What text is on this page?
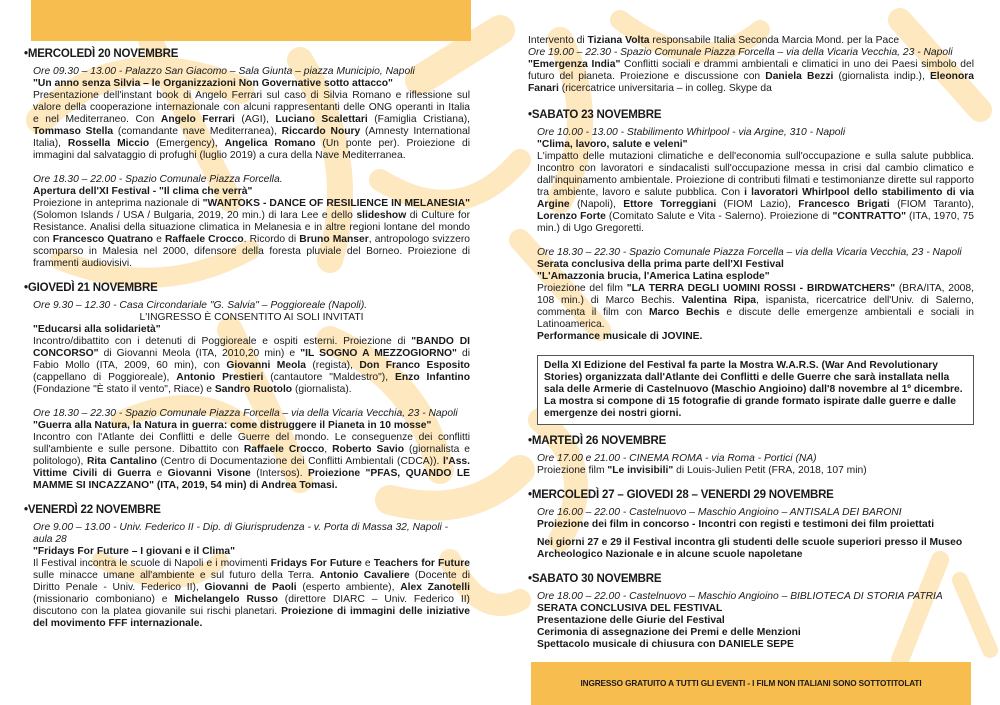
• MERCOLEDÌ 20 NOVEMBRE
Ore 09.30 – 13.00 - Palazzo San Giacomo – Sala Giunta – piazza Municipio, Napoli
"Un anno senza Silvia – le Organizzazioni Non Governative sotto attacco"
Presentazione dell'instant book di Angelo Ferrari sul caso di Silvia Romano e riflessione sul valore della cooperazione internazionale con alcuni rappresentanti delle ONG operanti in Italia e nel Mediterraneo. Con Angelo Ferrari (AGI), Luciano Scalettari (Famiglia Cristiana), Tommaso Stella (comandante nave Mediterranea), Riccardo Noury (Amnesty International Italia), Rossella Miccio (Emergency), Angelica Romano (Un ponte per). Proiezione di immagini dal salvataggio di profughi (luglio 2019) a cura della Nave Mediterranea.
Ore 18.30 – 22.00 - Spazio Comunale Piazza Forcella.
Apertura dell'XI Festival - "Il clima che verrà"
Proiezione in anteprima nazionale di "WANTOKS - DANCE OF RESILIENCE IN MELANESIA" (Solomon Islands / USA / Bulgaria, 2019, 20 min.) di Iara Lee e dello slideshow di Culture for Resistance. Analisi della situazione climatica in Melanesia e in altre regioni lontane del mondo con Francesco Quatrano e Raffaele Crocco. Ricordo di Bruno Manser, antropologo svizzero scomparso in Malesia nel 2000, difensore della foresta pluviale del Borneo. Proiezione di frammenti audiovisivi.
• GIOVEDÌ 21 NOVEMBRE
Ore 9.30 – 12.30 - Casa Circondariale "G. Salvia" – Poggioreale (Napoli).
L'INGRESSO È CONSENTITO AI SOLI INVITATI
"Educarsi alla solidarietà"
Incontro/dibattito con i detenuti di Poggioreale e ospiti esterni. Proiezione di "BANDO DI CONCORSO" di Giovanni Meola (ITA, 2010,20 min) e "IL SOGNO A MEZZOGIORNO" di Fabio Mollo (ITA, 2009, 60 min), con Giovanni Meola (regista), Don Franco Esposito (cappellano di Poggioreale), Antonio Prestieri (cantautore "Maldestro"), Enzo Infantino (Fondazione "È stato il vento", Riace) e Sandro Ruotolo (giornalista).
Ore 18.30 – 22.30 - Spazio Comunale Piazza Forcella – via della Vicaria Vecchia, 23 - Napoli
"Guerra alla Natura, la Natura in guerra: come distruggere il Pianeta in 10 mosse"
Incontro con l'Atlante dei Conflitti e delle Guerre del mondo. Le conseguenze dei conflitti sull'ambiente e sulle persone. Dibattito con Raffaele Crocco, Roberto Savio (giornalista e politologo), Rita Cantalino (Centro di Documentazione dei Conflitti Ambientali (CDCA)). l'Ass. Vittime Civili di Guerra e Giovanni Visone (Intersos). Proiezione "PFAS, QUANDO LE MAMME SI INCAZZANO" (ITA, 2019, 54 min) di Andrea Tomasi.
• VENERDÌ 22 NOVEMBRE
Ore 9.00 – 13.00 - Univ. Federico II - Dip. di Giurisprudenza - v. Porta di Massa 32, Napoli - aula 28
"Fridays For Future – I giovani e il Clima"
Il Festival incontra le scuole di Napoli e i movimenti Fridays For Future e Teachers for Future sulle minacce umane all'ambiente e sul futuro della Terra. Antonio Cavaliere (Docente di Diritto Penale - Univ. Federico II), Giovanni de Paoli (esperto ambiente), Alex Zanotelli (missionario comboniano) e Michelangelo Russo (direttore DIARC – Univ. Federico II) discutono con la platea giovanile sui rischi planetari. Proiezione di immagini delle iniziative del movimento FFF internazionale.
Intervento di Tiziana Volta responsabile Italia Seconda Marcia Mond. per la Pace
Ore 19.00 – 22.30 - Spazio Comunale Piazza Forcella – via della Vicaria Vecchia, 23 - Napoli
"Emergenza India" Conflitti sociali e drammi ambientali e climatici in uno dei Paesi simbolo del futuro del pianeta. Proiezione e discussione con Daniela Bezzi (giornalista indip.), Eleonora Fanari (ricercatrice universitaria – in colleg. Skype da
• SABATO 23 NOVEMBRE
Ore 10.00 - 13.00 - Stabilimento Whirlpool - via Argine, 310 - Napoli
"Clima, lavoro, salute e veleni"
L'impatto delle mutazioni climatiche e dell'economia sull'occupazione e sulla salute pubblica. Incontro con lavoratori e sindacalisti sull'occupazione messa in crisi dal cambio climatico e dall'inquinamento ambientale. Proiezione di contributi filmati e testimonianze dirette sul rapporto tra ambiente, lavoro e salute pubblica. Con i lavoratori Whirlpool dello stabilimento di via Argine (Napoli), Ettore Torreggiani (FIOM Lazio), Francesco Brigati (FIOM Taranto), Lorenzo Forte (Comitato Salute e Vita - Salerno). Proiezione di "CONTRATTO" (ITA, 1970, 75 min.) di Ugo Gregoretti.
Ore 18.30 – 22.30 - Spazio Comunale Piazza Forcella – via della Vicaria Vecchia, 23 - Napoli
Serata conclusiva della prima parte dell'XI Festival
"L'Amazzonia brucia, l'America Latina esplode"
Proiezione del film "LA TERRA DEGLI UOMINI ROSSI - BIRDWATCHERS" (BRA/ITA, 2008, 108 min.) di Marco Bechis. Valentina Ripa, ispanista, ricercatrice dell'Univ. di Salerno, commenta il film con Marco Bechis e discute delle emergenze ambientali e sociali in Latinoamerica.
Performance musicale di JOVINE.
Della XI Edizione del Festival fa parte la Mostra W.A.R.S. (War And Revolutionary Stories) organizzata dall'Atlante dei Conflitti e delle Guerre che sarà installata nella sala delle Armerie di Castelnuovo (Maschio Angioino) dall'8 novembre al 1º dicembre. La mostra si compone di 15 fotografie di grande formato ispirate dalle guerre e dalle emergenze dei nostri giorni.
• MARTEDÌ 26 NOVEMBRE
Ore 17.00 e 21.00 - CINEMA ROMA - via Roma - Portici (NA)
Proiezione film "Le invisibili" di Louis-Julien Petit (FRA, 2018, 107 min)
• MERCOLEDÌ 27 – GIOVEDI 28 – VENERDI 29 NOVEMBRE
Ore 16.00 – 22.00 - Castelnuovo – Maschio Angioino – ANTISALA DEI BARONI
Proiezione dei film in concorso - Incontri con registi e testimoni dei film proiettati
Nei giorni 27 e 29 il Festival incontra gli studenti delle scuole superiori presso il Museo Archeologico Nazionale e in alcune scuole napoletane
• SABATO 30 NOVEMBRE
Ore 18.00 – 22.00 - Castelnuovo – Maschio Angioino – BIBLIOTECA DI STORIA PATRIA
SERATA CONCLUSIVA DEL FESTIVAL
Presentazione delle Giurie del Festival
Cerimonia di assegnazione dei Premi e delle Menzioni
Spettacolo musicale di chiusura con DANIELE SEPE
INGRESSO GRATUITO A TUTTI GLI EVENTI - I FILM NON ITALIANI SONO SOTTOTITOLATI
